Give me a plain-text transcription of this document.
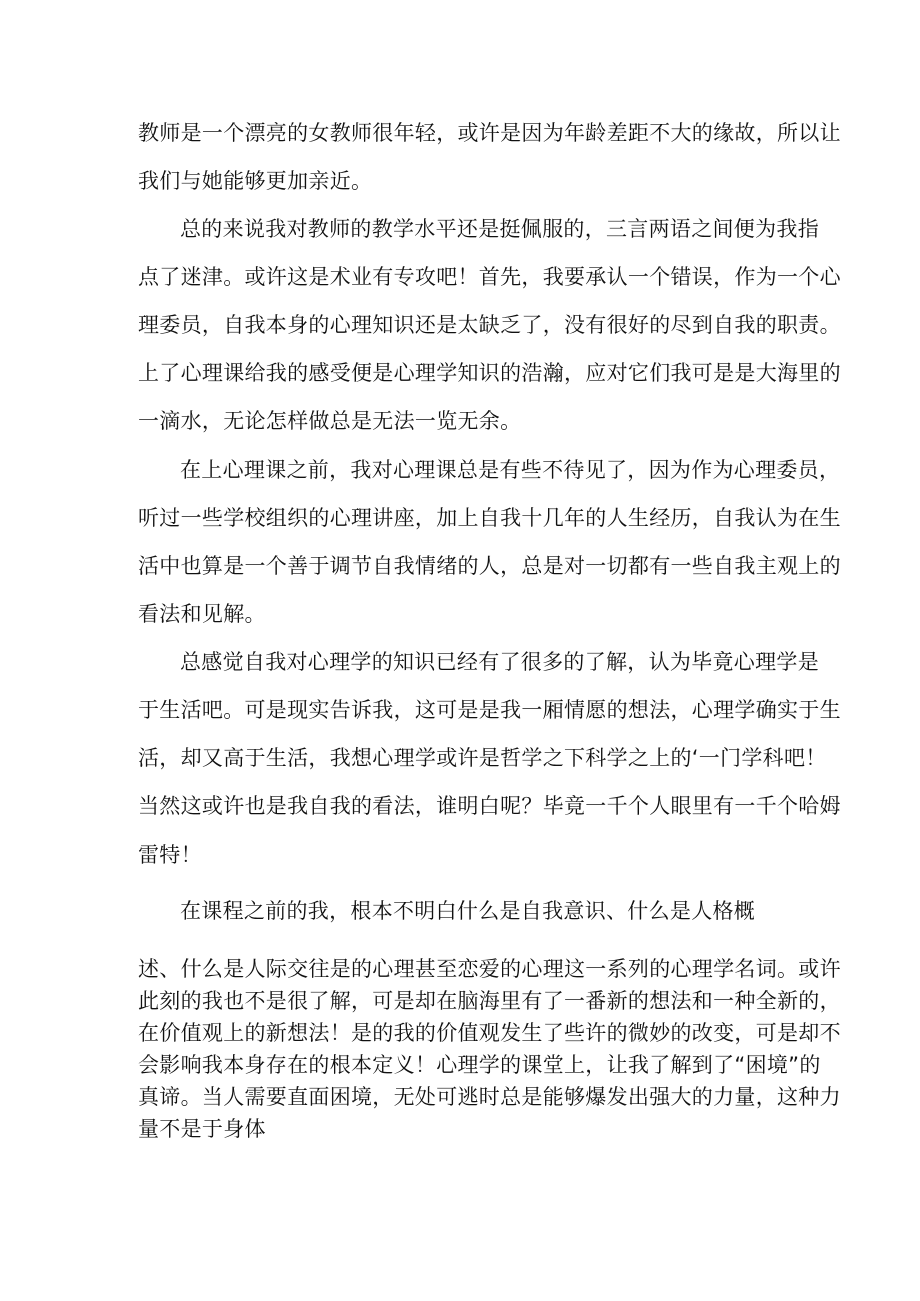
教师是一个漂亮的女教师很年轻，或许是因为年龄差距不大的缘故，所以让
我们与她能够更加亲近。
总的来说我对教师的教学水平还是挺佩服的，三言两语之间便为我指
点了迷津。或许这是术业有专攻吧！首先，我要承认一个错误，作为一个心
理委员，自我本身的心理知识还是太缺乏了，没有很好的尽到自我的职责。
上了心理课给我的感受便是心理学知识的浩瀚，应对它们我可是是大海里的
一滴水，无论怎样做总是无法一览无余。
在上心理课之前，我对心理课总是有些不待见了，因为作为心理委员，
听过一些学校组织的心理讲座，加上自我十几年的人生经历，自我认为在生
活中也算是一个善于调节自我情绪的人，总是对一切都有一些自我主观上的
看法和见解。
总感觉自我对心理学的知识已经有了很多的了解，认为毕竟心理学是
于生活吧。可是现实告诉我，这可是是我一厢情愿的想法，心理学确实于生
活，却又高于生活，我想心理学或许是哲学之下科学之上的‘一门学科吧！
当然这或许也是我自我的看法，谁明白呢？毕竟一千个人眼里有一千个哈姆
雷特！
在课程之前的我，根本不明白什么是自我意识、什么是人格概
述、什么是人际交往是的心理甚至恋爱的心理这一系列的心理学名词。或许
此刻的我也不是很了解，可是却在脑海里有了一番新的想法和一种全新的，
在价值观上的新想法！是的我的价值观发生了些许的微妙的改变，可是却不
会影响我本身存在的根本定义！心理学的课堂上，让我了解到了“困境”的
真谛。当人需要直面困境，无处可逃时总是能够爆发出强大的力量，这种力
量不是于身体
